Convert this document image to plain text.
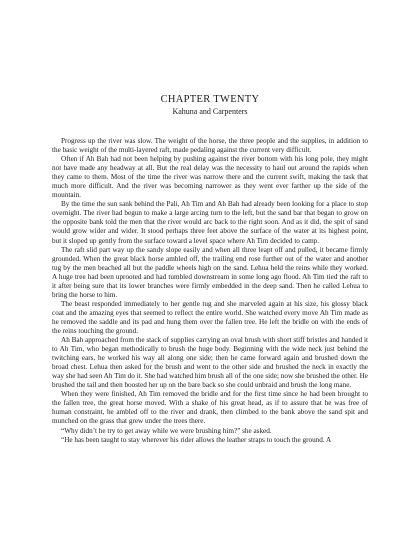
CHAPTER TWENTY
Kahuna and Carpenters

Progress up the river was slow. The weight of the horse, the three people and the supplies, in addition to the basic weight of the multi-layered raft, made pedaling against the current very difficult.

Often if Ah Bah had not been helping by pushing against the river bottom with his long pole, they might not have made any headway at all. But the real delay was the necessity to haul out around the rapids when they came to them. Most of the time the river was narrow there and the current swift, making the task that much more difficult. And the river was becoming narrower as they went ever farther up the side of the mountain.

By the time the sun sank behind the Pali, Ah Tim and Ah Bah had already been looking for a place to stop overnight. The river had begun to make a large arcing turn to the left, but the sand bar that began to grow on the opposite bank told the men that the river would arc back to the right soon. And as it did, the spit of sand would grow wider and wider. It stood perhaps three feet above the surface of the water at its highest point, but it sloped up gently from the surface toward a level space where Ah Tim decided to camp.

The raft slid part way up the sandy slope easily and when all three leapt off and pulled, it became firmly grounded. When the great black horse ambled off, the trailing end rose further out of the water and another tug by the men beached all but the paddle wheels high on the sand. Lehua held the reins while they worked. A huge tree had been uprooted and had tumbled downstream in some long ago flood. Ah Tim tied the raft to it after being sure that its lower branches were firmly embedded in the deep sand. Then he called Lehua to bring the horse to him.

The beast responded immediately to her gentle tug and she marveled again at his size, his glossy black coat and the amazing eyes that seemed to reflect the entire world. She watched every move Ah Tim made as he removed the saddle and its pad and hung them over the fallen tree. He left the bridle on with the ends of the reins touching the ground.

Ah Bah approached from the stack of supplies carrying an oval brush with short stiff bristles and handed it to Ah Tim, who began methodically to brush the huge body. Beginning with the wide neck just behind the twitching ears, he worked his way all along one side; then he came forward again and brushed down the broad chest. Lehua then asked for the brush and went to the other side and brushed the neck in exactly the way she had seen Ah Tim do it. She had watched him brush all of the one side; now she brushed the other. He brushed the tail and then boosted her up on the bare back so she could unbraid and brush the long mane.

When they were finished, Ah Tim removed the bridle and for the first time since he had been brought to the fallen tree, the great horse moved. With a shake of his great head, as if to assure that he was free of human constraint, he ambled off to the river and drank, then climbed to the bank above the sand spit and munched on the grass that grew under the trees there.

“Why didn’t he try to get away while we were brushing him?” she asked.

“He has been taught to stay wherever his rider allows the leather straps to touch the ground. A
